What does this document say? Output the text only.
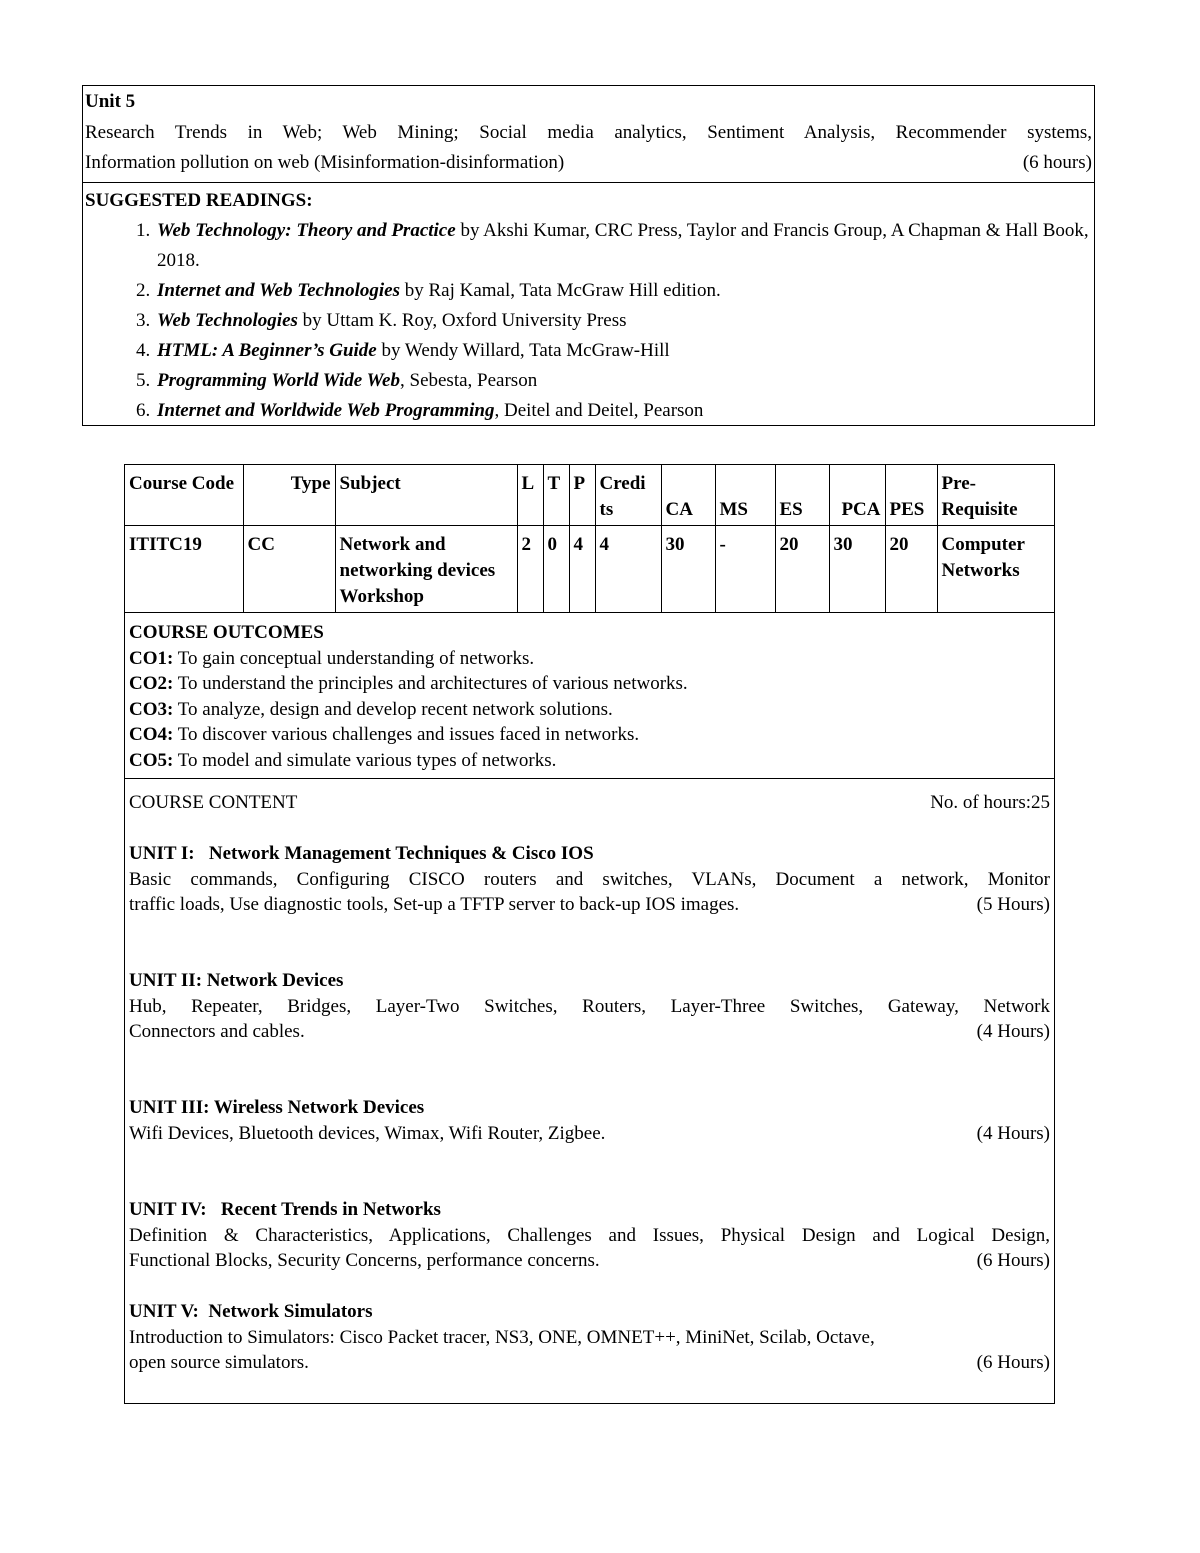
Unit 5
Research Trends in Web; Web Mining; Social media analytics, Sentiment Analysis, Recommender systems,
Information pollution on web (Misinformation-disinformation)	(6 hours)
SUGGESTED READINGS:
1. Web Technology: Theory and Practice by Akshi Kumar, CRC Press, Taylor and Francis Group, A Chapman & Hall Book, 2018.
2. Internet and Web Technologies by Raj Kamal, Tata McGraw Hill edition.
3. Web Technologies by Uttam K. Roy, Oxford University Press
4. HTML: A Beginner’s Guide by Wendy Willard, Tata McGraw-Hill
5. Programming World Wide Web, Sebesta, Pearson
6. Internet and Worldwide Web Programming, Deitel and Deitel, Pearson
Course Code	Type	Subject	L	T	P	Credi ts	CA	MS	ES	PCA	PES	Pre-Requisite
ITITC19	CC	Network and networking devices Workshop	2	0	4	4	30	-	20	30	20	Computer Networks
COURSE OUTCOMES
CO1: To gain conceptual understanding of networks.
CO2: To understand the principles and architectures of various networks.
CO3: To analyze, design and develop recent network solutions.
CO4: To discover various challenges and issues faced in networks.
CO5: To model and simulate various types of networks.
COURSE CONTENT	No. of hours:25
UNIT I:   Network Management Techniques & Cisco IOS
Basic commands, Configuring CISCO routers and switches, VLANs, Document a network, Monitor
traffic loads, Use diagnostic tools, Set-up a TFTP server to back-up IOS images.	(5 Hours)
UNIT II: Network Devices
Hub, Repeater, Bridges, Layer-Two Switches, Routers, Layer-Three Switches, Gateway, Network
Connectors and cables.	(4 Hours)
UNIT III: Wireless Network Devices
Wifi Devices, Bluetooth devices, Wimax, Wifi Router, Zigbee.	(4 Hours)
UNIT IV:   Recent Trends in Networks
Definition & Characteristics, Applications, Challenges and Issues, Physical Design and Logical Design,
Functional Blocks, Security Concerns, performance concerns.	(6 Hours)
UNIT V:  Network Simulators
Introduction to Simulators: Cisco Packet tracer, NS3, ONE, OMNET++, MiniNet, Scilab, Octave,
open source simulators.	(6 Hours)
